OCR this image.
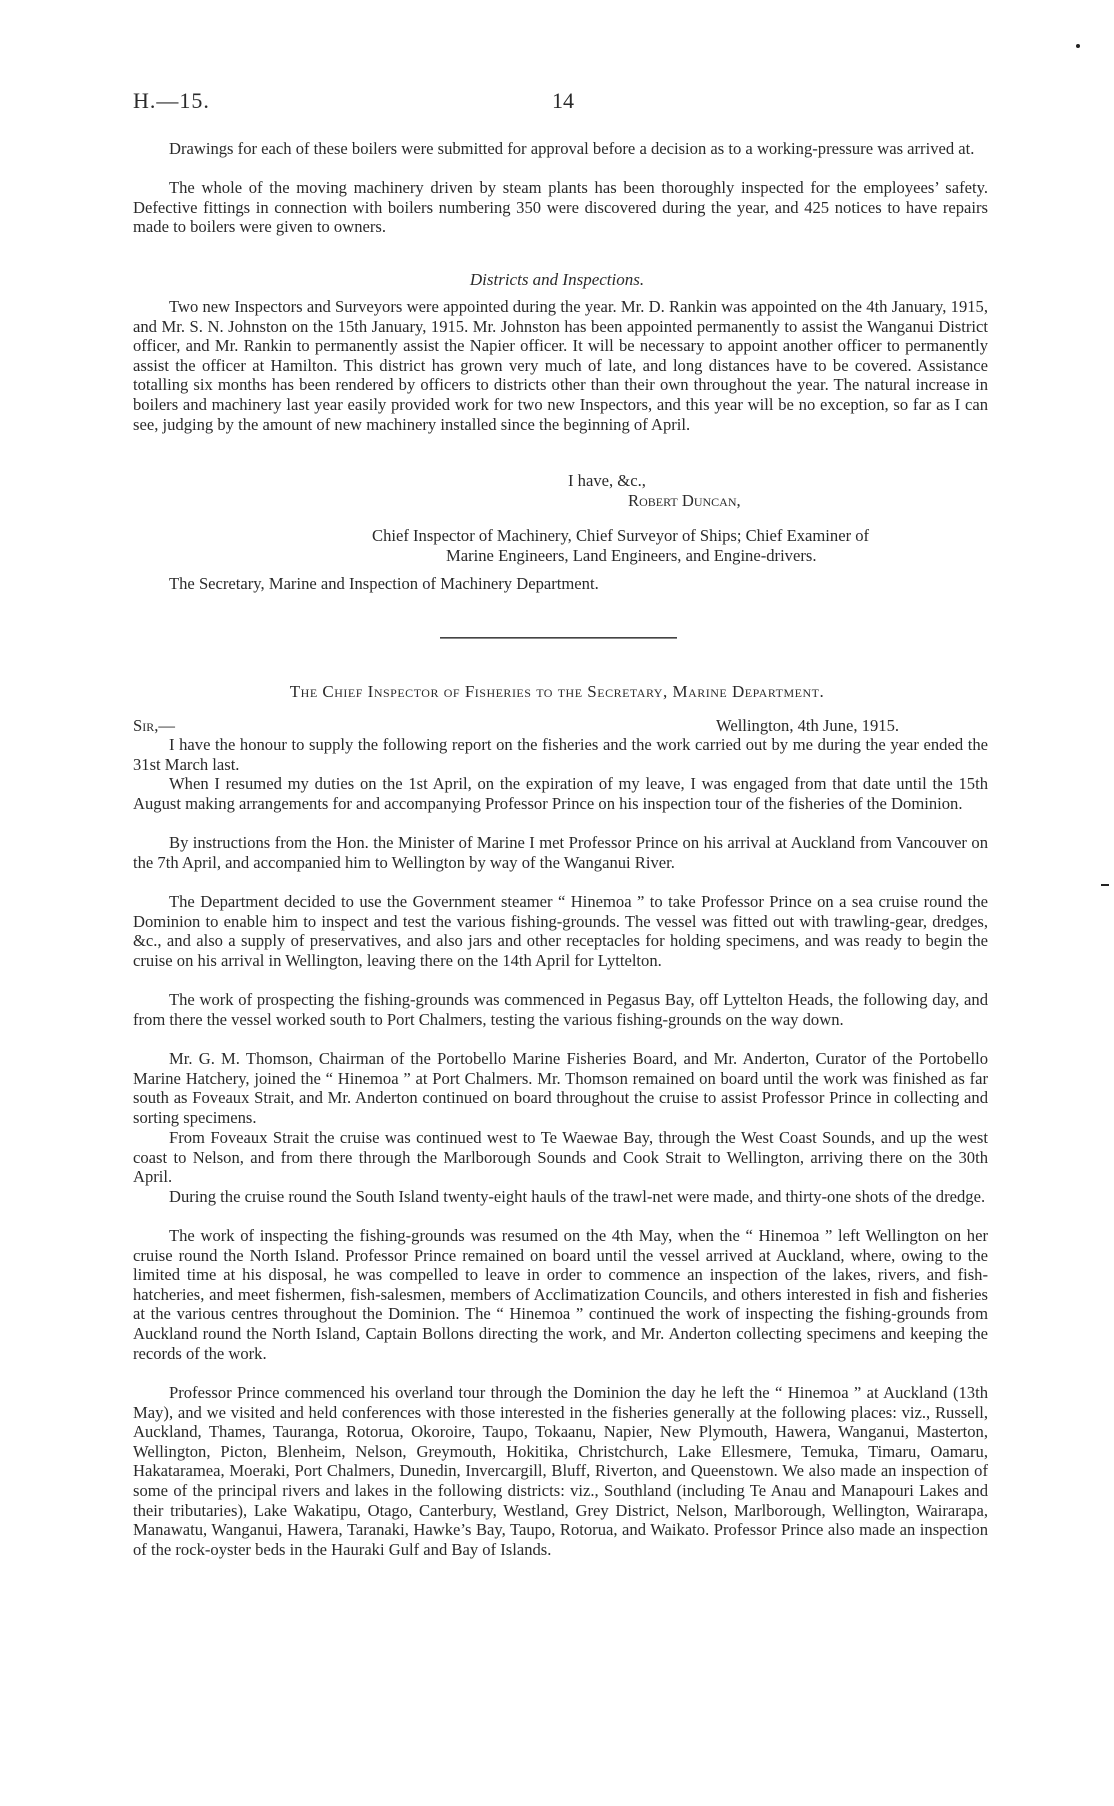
H.—15.	14

Drawings for each of these boilers were submitted for approval before a decision as to a working-pressure was arrived at.

The whole of the moving machinery driven by steam plants has been thoroughly inspected for the employees’ safety. Defective fittings in connection with boilers numbering 350 were discovered during the year, and 425 notices to have repairs made to boilers were given to owners.

Districts and Inspections.

Two new Inspectors and Surveyors were appointed during the year. Mr. D. Rankin was appointed on the 4th January, 1915, and Mr. S. N. Johnston on the 15th January, 1915. Mr. Johnston has been appointed permanently to assist the Wanganui District officer, and Mr. Rankin to permanently assist the Napier officer. It will be necessary to appoint another officer to permanently assist the officer at Hamilton. This district has grown very much of late, and long distances have to be covered. Assistance totalling six months has been rendered by officers to districts other than their own throughout the year. The natural increase in boilers and machinery last year easily provided work for two new Inspectors, and this year will be no exception, so far as I can see, judging by the amount of new machinery installed since the beginning of April.

I have, &c.,
Robert Duncan,
Chief Inspector of Machinery, Chief Surveyor of Ships; Chief Examiner of
Marine Engineers, Land Engineers, and Engine-drivers.
The Secretary, Marine and Inspection of Machinery Department.
The Chief Inspector of Fisheries to the Secretary, Marine Department.
Sir,—	Wellington, 4th June, 1915.

I have the honour to supply the following report on the fisheries and the work carried out by me during the year ended the 31st March last.

When I resumed my duties on the 1st April, on the expiration of my leave, I was engaged from that date until the 15th August making arrangements for and accompanying Professor Prince on his inspection tour of the fisheries of the Dominion.

By instructions from the Hon. the Minister of Marine I met Professor Prince on his arrival at Auckland from Vancouver on the 7th April, and accompanied him to Wellington by way of the Wanganui River.

The Department decided to use the Government steamer “ Hinemoa ” to take Professor Prince on a sea cruise round the Dominion to enable him to inspect and test the various fishing-grounds. The vessel was fitted out with trawling-gear, dredges, &c., and also a supply of preservatives, and also jars and other receptacles for holding specimens, and was ready to begin the cruise on his arrival in Wellington, leaving there on the 14th April for Lyttelton.

The work of prospecting the fishing-grounds was commenced in Pegasus Bay, off Lyttelton Heads, the following day, and from there the vessel worked south to Port Chalmers, testing the various fishing-grounds on the way down.

Mr. G. M. Thomson, Chairman of the Portobello Marine Fisheries Board, and Mr. Anderton, Curator of the Portobello Marine Hatchery, joined the “ Hinemoa ” at Port Chalmers. Mr. Thomson remained on board until the work was finished as far south as Foveaux Strait, and Mr. Anderton continued on board throughout the cruise to assist Professor Prince in collecting and sorting specimens.

From Foveaux Strait the cruise was continued west to Te Waewae Bay, through the West Coast Sounds, and up the west coast to Nelson, and from there through the Marlborough Sounds and Cook Strait to Wellington, arriving there on the 30th April.

During the cruise round the South Island twenty-eight hauls of the trawl-net were made, and thirty-one shots of the dredge.

The work of inspecting the fishing-grounds was resumed on the 4th May, when the “ Hinemoa ” left Wellington on her cruise round the North Island. Professor Prince remained on board until the vessel arrived at Auckland, where, owing to the limited time at his disposal, he was compelled to leave in order to commence an inspection of the lakes, rivers, and fish-hatcheries, and meet fishermen, fish-salesmen, members of Acclimatization Councils, and others interested in fish and fisheries at the various centres throughout the Dominion. The “ Hinemoa ” continued the work of inspecting the fishing-grounds from Auckland round the North Island, Captain Bollons directing the work, and Mr. Anderton collecting specimens and keeping the records of the work.

Professor Prince commenced his overland tour through the Dominion the day he left the “ Hinemoa ” at Auckland (13th May), and we visited and held conferences with those interested in the fisheries generally at the following places: viz., Russell, Auckland, Thames, Tauranga, Rotorua, Okoroire, Taupo, Tokaanu, Napier, New Plymouth, Hawera, Wanganui, Masterton, Wellington, Picton, Blenheim, Nelson, Greymouth, Hokitika, Christchurch, Lake Ellesmere, Temuka, Timaru, Oamaru, Hakataramea, Moeraki, Port Chalmers, Dunedin, Invercargill, Bluff, Riverton, and Queenstown. We also made an inspection of some of the principal rivers and lakes in the following districts: viz., Southland (including Te Anau and Manapouri Lakes and their tributaries), Lake Wakatipu, Otago, Canterbury, Westland, Grey District, Nelson, Marlborough, Wellington, Wairarapa, Manawatu, Wanganui, Hawera, Taranaki, Hawke’s Bay, Taupo, Rotorua, and Waikato. Professor Prince also made an inspection of the rock-oyster beds in the Hauraki Gulf and Bay of Islands.
